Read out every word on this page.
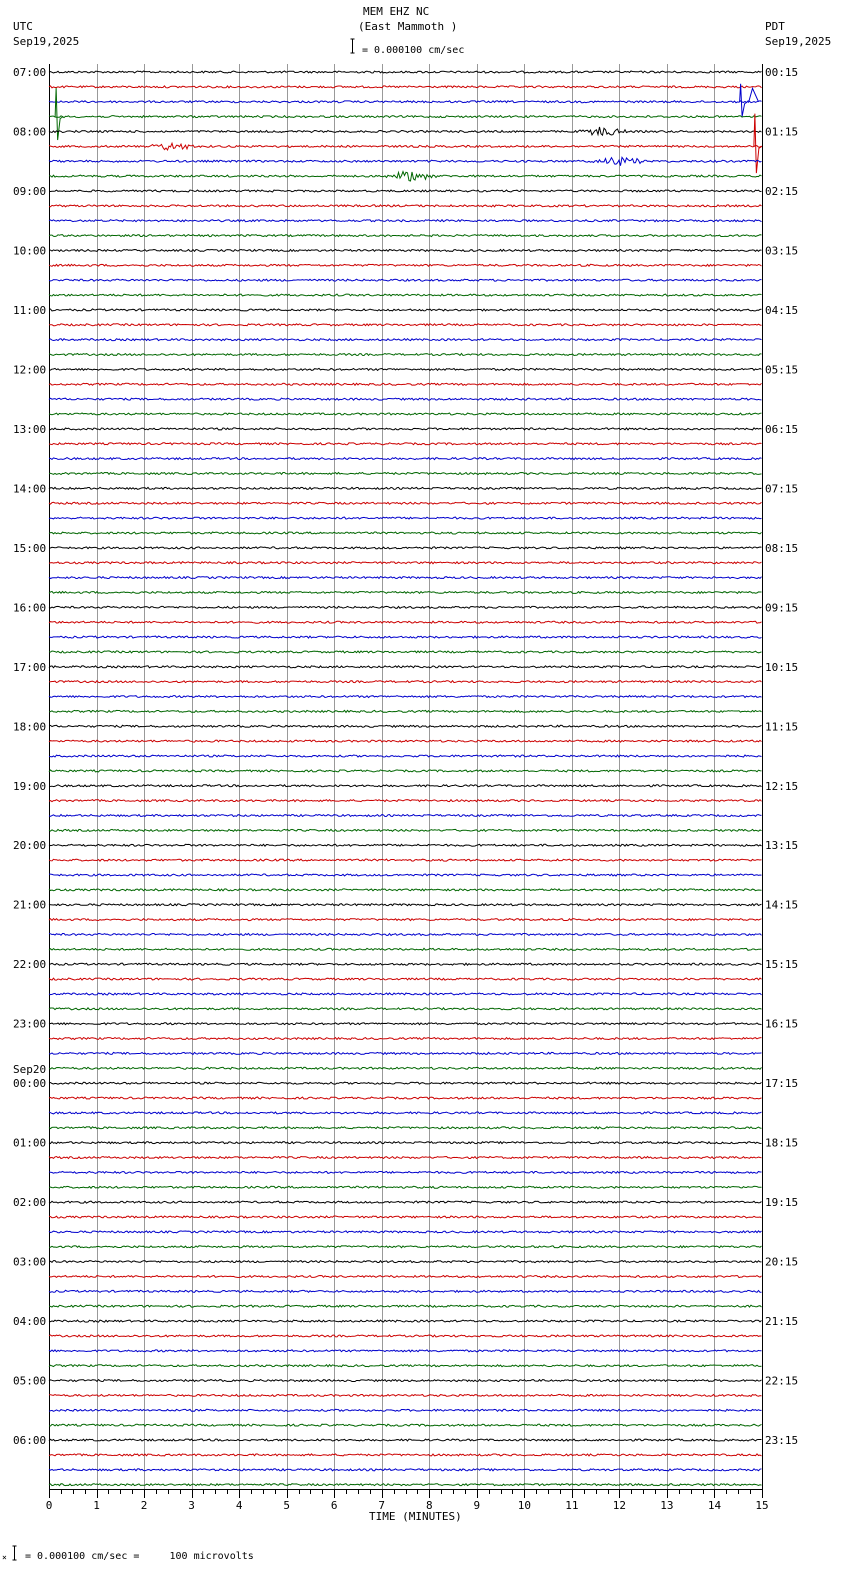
07:00	00:15
08:00	01:15
09:00	02:15
10:00	03:15
11:00	04:15
12:00	05:15
13:00	06:15
14:00	07:15
15:00	08:15
16:00	09:15
17:00	10:15
18:00	11:15
19:00	12:15
20:00	13:15
21:00	14:15
22:00	15:15
23:00	16:15
00:00	17:15
01:00	18:15
02:00	19:15
03:00	20:15
04:00	21:15
05:00	22:15
06:00	23:15
Sep20
0	1	2	3	4	5	6	7	8	9	10	11	12	13	14	15
×
MEM EHZ NC
(East Mammoth )
= 0.000100 cm/sec
UTC
Sep19,2025
PDT
Sep19,2025
TIME (MINUTES)
= 0.000100 cm/sec =     100 microvolts
